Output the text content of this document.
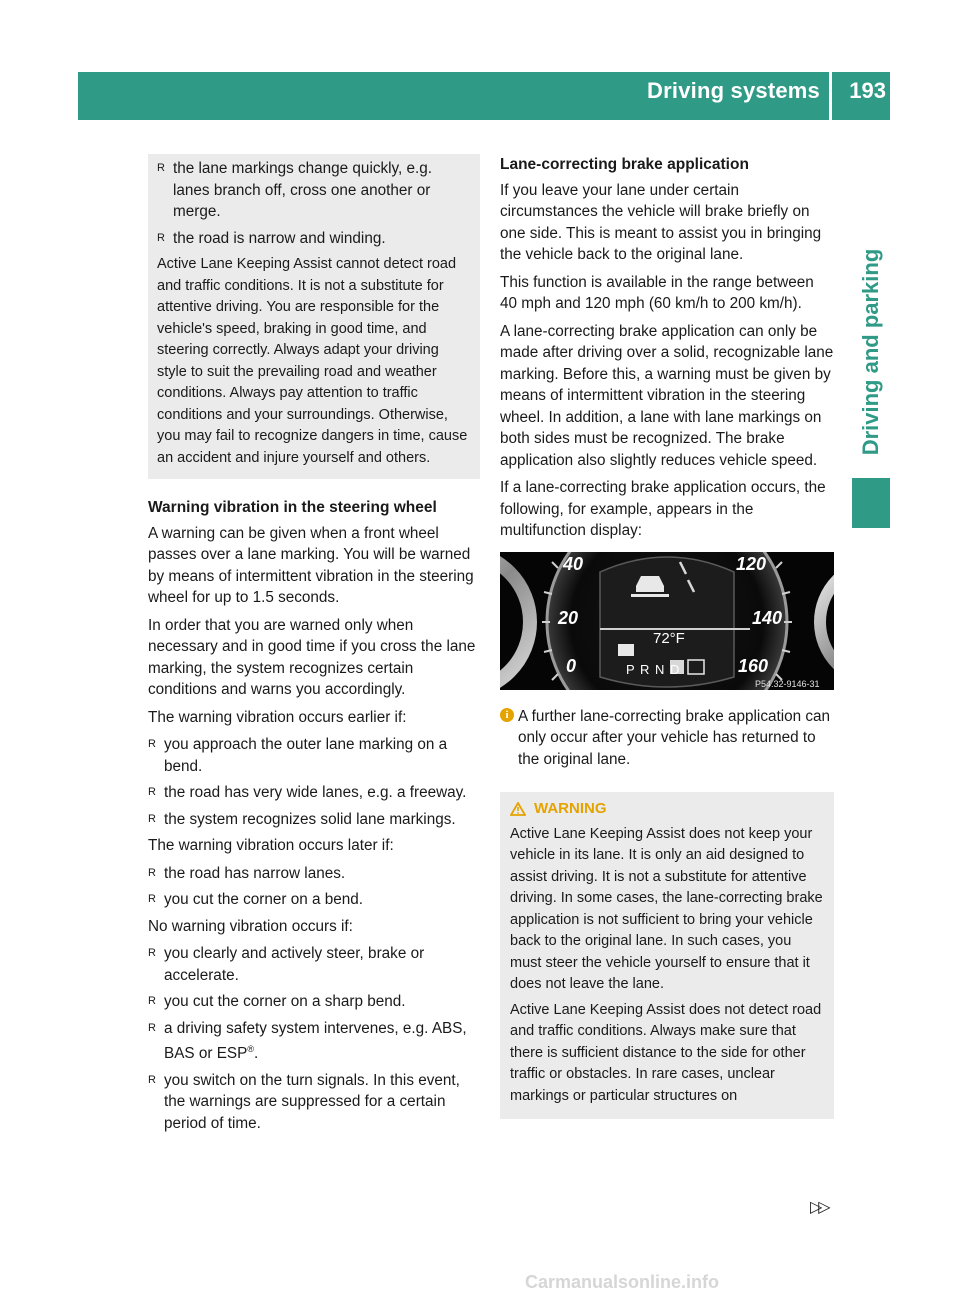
Driving systems 193
Driving and parking
R the lane markings change quickly, e.g. lanes branch off, cross one another or merge.
R the road is narrow and winding.

Active Lane Keeping Assist cannot detect road and traffic conditions. It is not a substitute for attentive driving. You are responsible for the vehicle's speed, braking in good time, and steering correctly. Always adapt your driving style to suit the prevailing road and weather conditions. Always pay attention to traffic conditions and your surroundings. Otherwise, you may fail to recognize dangers in time, cause an accident and injure yourself and others.

Warning vibration in the steering wheel

A warning can be given when a front wheel passes over a lane marking. You will be warned by means of intermittent vibration in the steering wheel for up to 1.5 seconds.

In order that you are warned only when necessary and in good time if you cross the lane marking, the system recognizes certain conditions and warns you accordingly.

The warning vibration occurs earlier if:

R you approach the outer lane marking on a bend.
R the road has very wide lanes, e.g. a freeway.
R the system recognizes solid lane markings.

The warning vibration occurs later if:

R the road has narrow lanes.
R you cut the corner on a bend.

No warning vibration occurs if:

R you clearly and actively steer, brake or accelerate.
R you cut the corner on a sharp bend.
R a driving safety system intervenes, e.g. ABS, BAS or ESP®.
R you switch on the turn signals. In this event, the warnings are suppressed for a certain period of time.
Lane-correcting brake application

If you leave your lane under certain circumstances the vehicle will brake briefly on one side. This is meant to assist you in bringing the vehicle back to the original lane.

This function is available in the range between 40 mph and 120 mph (60 km/h to 200 km/h).

A lane-correcting brake application can only be made after driving over a solid, recognizable lane marking. Before this, a warning must be given by means of intermittent vibration in the steering wheel. In addition, a lane with lane markings on both sides must be recognized. The brake application also slightly reduces vehicle speed.

If a lane-correcting brake application occurs, the following, for example, appears in the multifunction display:

40
20
0
120
140
160
72°F
P R N D
P54.32-9146-31
i A further lane-correcting brake application can only occur after your vehicle has returned to the original lane.
WARNING

Active Lane Keeping Assist does not keep your vehicle in its lane. It is only an aid designed to assist driving. It is not a substitute for attentive driving. In some cases, the lane-correcting brake application is not sufficient to bring your vehicle back to the original lane. In such cases, you must steer the vehicle yourself to ensure that it does not leave the lane.

Active Lane Keeping Assist does not detect road and traffic conditions. Always make sure that there is sufficient distance to the side for other traffic or obstacles. In rare cases, unclear markings or particular structures on

▷▷
Carmanualsonline.info
